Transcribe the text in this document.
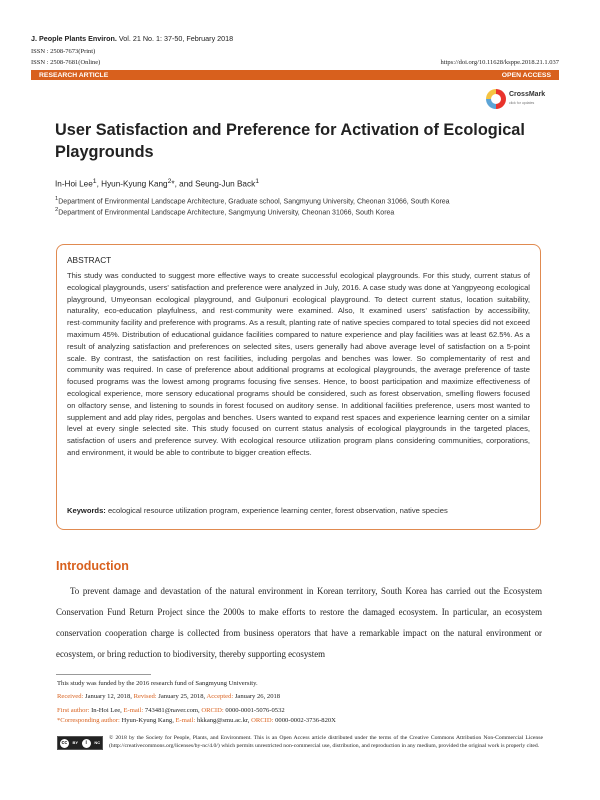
J. People Plants Environ. Vol. 21 No. 1: 37-50, February 2018
ISSN : 2508-7673(Print)
ISSN : 2508-7681(Online)	https://doi.org/10.11628/ksppe.2018.21.1.037
RESEARCH ARTICLE	OPEN ACCESS
CrossMark
click for updates
User Satisfaction and Preference for Activation of Ecological Playgrounds
In-Hoi Lee$^1$, Hyun-Kyung Kang$^2$*, and Seung-Jun Back$^1$
$^1$Department of Environmental Landscape Architecture, Graduate school, Sangmyung University, Cheonan 31066, South Korea
$^2$Department of Environmental Landscape Architecture, Sangmyung University, Cheonan 31066, South Korea
ABSTRACT

This study was conducted to suggest more effective ways to create successful ecological playgrounds. For this study, current status of ecological playgrounds, users' satisfaction and preference were analyzed in July, 2016. A case study was done at Yangpyeong ecological playground, Umyeonsan ecological playground, and Gulponuri ecological playground. To detect current status, location suitability, naturality, eco-education playfulness, and rest·community were examined. Also, It examined users' satisfaction by accessibility, rest·community facility and preference with programs. As a result, planting rate of native species compared to total species did not exceed maximum 45%. Distribution of educational guidance facilities compared to nature experience and play facilities was at least 62.5%. As a result of analyzing satisfaction and preferences on selected sites, users generally had above average level of satisfaction on a 5-point scale. By contrast, the satisfaction on rest facilities, including pergolas and benches was lower. So complementarity of rest and community was required. In case of preference about additional programs at ecological playgrounds, the average preference of taste focused programs was the lowest among programs focusing five senses. Hence, to boost participation and maximize effectiveness of ecological experience, more sensory educational programs should be considered, such as forest observation, smelling flowers focused on olfactory sense, and listening to sounds in forest focused on auditory sense. In additional facilities preference, users most wanted to supplement and add play rides, pergolas and benches. Users wanted to expand rest spaces and experience learning center on a similar level at every single selected site. This study focused on current status analysis of ecological playgrounds in the targeted places, satisfaction of users and preference survey. With ecological resource utilization program plans considering communities, corporations, and environment, it would be able to contribute to bigger creation effects.

Keywords: ecological resource utilization program, experience learning center, forest observation, native species
Introduction

To prevent damage and devastation of the natural environment in Korean territory, South Korea has carried out the Ecosystem Conservation Fund Return Project since the 2000s to make efforts to restore the damaged ecosystem. In particular, an ecosystem conservation cooperation charge is collected from business operators that have a remarkable impact on the natural environment or ecosystem, or bring reduction to biodiversity, thereby supporting ecosystem

This study was funded by the 2016 research fund of Sangmyung University.
Received: January 12, 2018, Revised: January 25, 2018, Accepted: January 26, 2018
First author: In-Hoi Lee, E-mail: 743481@naver.com, ORCID: 0000-0001-5076-0532
*Corresponding author: Hyun-Kyung Kang, E-mail: hkkang@smu.ac.kr, ORCID: 0000-0002-3736-820X
cc	BY	i	NC
© 2018 by the Society for People, Plants, and Environment. This is an Open Access article distributed under the terms of the Creative Commons Attribution Non-Commercial License (http://creativecommons.org/licenses/by-nc/4.0/) which permits unrestricted non-commercial use, distribution, and reproduction in any medium, provided the original work is properly cited.
